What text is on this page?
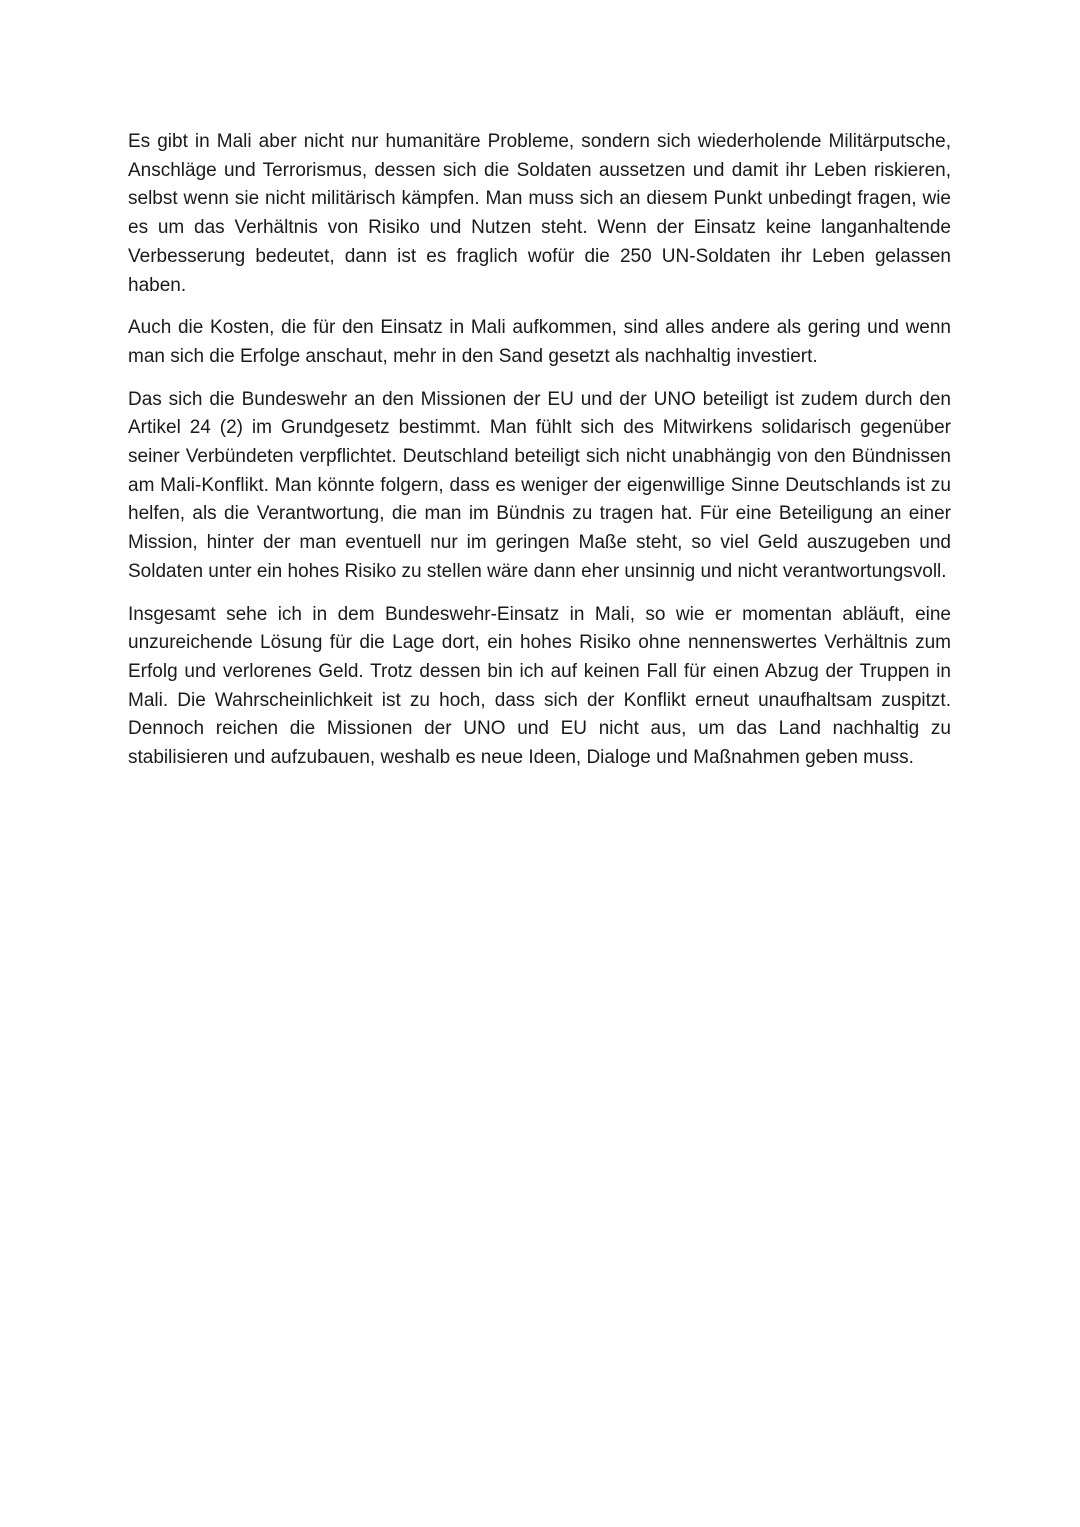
Es gibt in Mali aber nicht nur humanitäre Probleme, sondern sich wiederholende Militärputsche, Anschläge und Terrorismus, dessen sich die Soldaten aussetzen und damit ihr Leben riskieren, selbst wenn sie nicht militärisch kämpfen. Man muss sich an diesem Punkt unbedingt fragen, wie es um das Verhältnis von Risiko und Nutzen steht. Wenn der Einsatz keine langanhaltende Verbesserung bedeutet, dann ist es fraglich wofür die 250 UN-Soldaten ihr Leben gelassen haben.

Auch die Kosten, die für den Einsatz in Mali aufkommen, sind alles andere als gering und wenn man sich die Erfolge anschaut, mehr in den Sand gesetzt als nachhaltig investiert.

Das sich die Bundeswehr an den Missionen der EU und der UNO beteiligt ist zudem durch den Artikel 24 (2) im Grundgesetz bestimmt. Man fühlt sich des Mitwirkens solidarisch gegenüber seiner Verbündeten verpflichtet. Deutschland beteiligt sich nicht unabhängig von den Bündnissen am Mali-Konflikt. Man könnte folgern, dass es weniger der eigenwillige Sinne Deutschlands ist zu helfen, als die Verantwortung, die man im Bündnis zu tragen hat. Für eine Beteiligung an einer Mission, hinter der man eventuell nur im geringen Maße steht, so viel Geld auszugeben und Soldaten unter ein hohes Risiko zu stellen wäre dann eher unsinnig und nicht verantwortungsvoll.

Insgesamt sehe ich in dem Bundeswehr-Einsatz in Mali, so wie er momentan abläuft, eine unzureichende Lösung für die Lage dort, ein hohes Risiko ohne nennenswertes Verhältnis zum Erfolg und verlorenes Geld. Trotz dessen bin ich auf keinen Fall für einen Abzug der Truppen in Mali. Die Wahrscheinlichkeit ist zu hoch, dass sich der Konflikt erneut unaufhaltsam zuspitzt. Dennoch reichen die Missionen der UNO und EU nicht aus, um das Land nachhaltig zu stabilisieren und aufzubauen, weshalb es neue Ideen, Dialoge und Maßnahmen geben muss.
